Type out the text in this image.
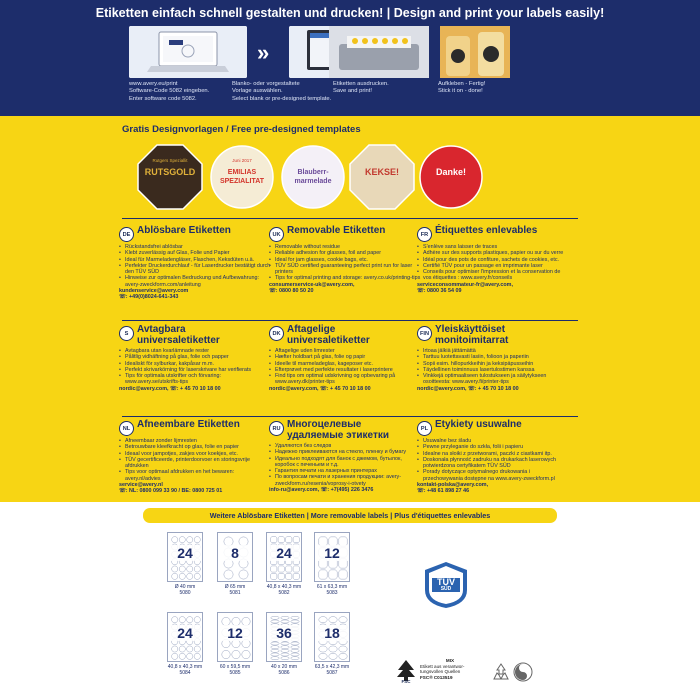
Etiketten einfach schnell gestalten und drucken! | Design and print your labels easily!
»
www.avery.eu/print
Software-Code 5082 eingeben.
Enter software code 5082.
Blanko- oder vorgestaltete
Vorlage auswählen.
Select blank or pre-designed template.
Etiketten ausdrucken.
Save and print!
Aufkleben - Fertig!
Stick it on - done!
Gratis Designvorlagen / Free pre-designed templates
RUTSGOLD
Rutgers Speziallit
EMILIAS SPEZIALITAT
Juni 2017
Blauberr- marmelade
KEKSE!	Danke!
DE Ablösbare Etiketten
• Rückstandsfrei ablösbar
• Klebt zuverlässig auf Glas, Folie und Papier
• Ideal für Marmeladengläser, Flaschen, Keksdüten u.ä.
• Perfekter Druckerdurchlauf - für Laserdrucker bestätigt durch den TÜV SÜD
• Hinweise zur optimalen Bedruckung und Aufbewahrung: avery-zweckform.com/anleitung
kundenservice@avery.com
☏: +49(0)8024-641-343
UK Removable Etiketten
• Removable without residue
• Reliable adhesion for glasses, foil and paper
• Ideal for jam glasses, cookie bags, etc.
• TÜV SÜD certified guaranteeing perfect print run for laser printers
• Tips for optimal printing and storage: avery.co.uk/printing-tips
consumerservice-uk@avery.com,
☏: 0800 80 50 20
FR Étiquettes enlevables
• S'enlève sans laisser de traces
• Adhère sur des supports plastiques, papier ou sur du verre
• Idéal pour des pots de confiture, sachets de cookies, etc.
• Certifié TÜV pour un passage en imprimante laser
• Conseils pour optimiser l'impression et la conservation de vos étiquettes : www.avery.fr/conseils
serviceconsommateur-fr@avery.com,
☏: 0800 36 54 09
S Avtagbara
universaletiketter
• Avtagbara utan kvarlämnade rester
• Pålitlig vidhäftning på glas, folie och papper
• Idealiskt för sylburkar, kakpåsar m.m.
• Perfekt skrivarkörning för laserskrivare har verifierats
• Tips för optimala utskrifter och förvaring: www.avery.se/utskrifts-tips
nordic@avery.com, ☏: + 45 70 10 18 00
DK Aftagelige
universaletiketter
• Aftagelige uden limrester
• Hæfter holdbart på glas, folie og papir
• Ideelle til marmeladeglas, kageposer etc.
• Efterprøvet med perfekte resultater i laserprintere
• Find tips om optimal udskrivning og opbevaring på www.avery.dk/printer-tips
nordic@avery.com, ☏: + 45 70 10 18 00
FIN Yleiskäyttöiset
monitoimitarrat
• Irtoaa jälkiä jättämättä
• Tarttuu luotettavasti lasiin, folioon ja paperiin
• Sopii esim. hillopurkkeihin ja keksipäpusseihin
• Täydellinen toiminnuus lasertulostimen kanssa
• Vinkkejä optimaaliseen tulostukseen ja säilytykseen osoitteesta: www.avery.fi/printer-tips
nordic@avery.com, ☏: + 45 70 10 18 00
NL Afneembare Etiketten
• Afneembaar zonder lijmresten
• Betrouwbare kleefkracht op glas, folie en papier
• Ideaal voor jampotjes, zakjes voor koekjes, etc.
• TÜV gecertificeerde, printerdoorvoer en storingsvrije afdrukken
• Tips voor optimaal afdrukken en het bewaren: avery.nl/advies
service@avery.nl
☏: NL: 0800 099 33 90 / BE: 0800 725 01
RU Многоцелевые
удаляемые этикетки
• Удаляются без следов
• Надежно приклеиваются на стекло, пленку и бумагу
• Идеально подходят для банок с джемом, бутылок, коробок с печеньем и т.д.
• Гарантия печати на лазерных принтерах
• По вопросам печати и хранения продукции: avery-zweckform.ru/resenia/voprosy-i-otvety
info-ru@avery.com, ☏: +7(495) 226 3476
PL Etykiety usuwalne
• Usuwalne bez śladu
• Pewne przyleganie do szkła, folii i papieru
• Idealne na słoiki z przetworami, paczki z ciastkami itp.
• Doskonała płynność zadruku na drukarkach laserowych potwierdzona certyfikatem TÜV SÜD
• Porady dotyczące optymalnego drukowania i przechowywania dostępne na www.avery-zweckform.pl
kontakt-polska@avery.com,
☏: +48 61 898 27 46
Weitere Ablösbare Etiketten | More removable labels | Plus d'étiquettes enlevables
24
Ø 40 mm
5080
8
Ø 65 mm
5081
24
40,8 x 40,3 mm
5082
12
61 x 63,3 mm
5083
24
40,8 x 40,3 mm
5084
12
60 x 59,5 mm
5085
36
40 x 20 mm
5086
18
63,5 x 42,3 mm
5087
TÜV
SÜD
FSC
MIX
Etikett aus verantwor-
tungsvollen Quellen
FSC® C013519
